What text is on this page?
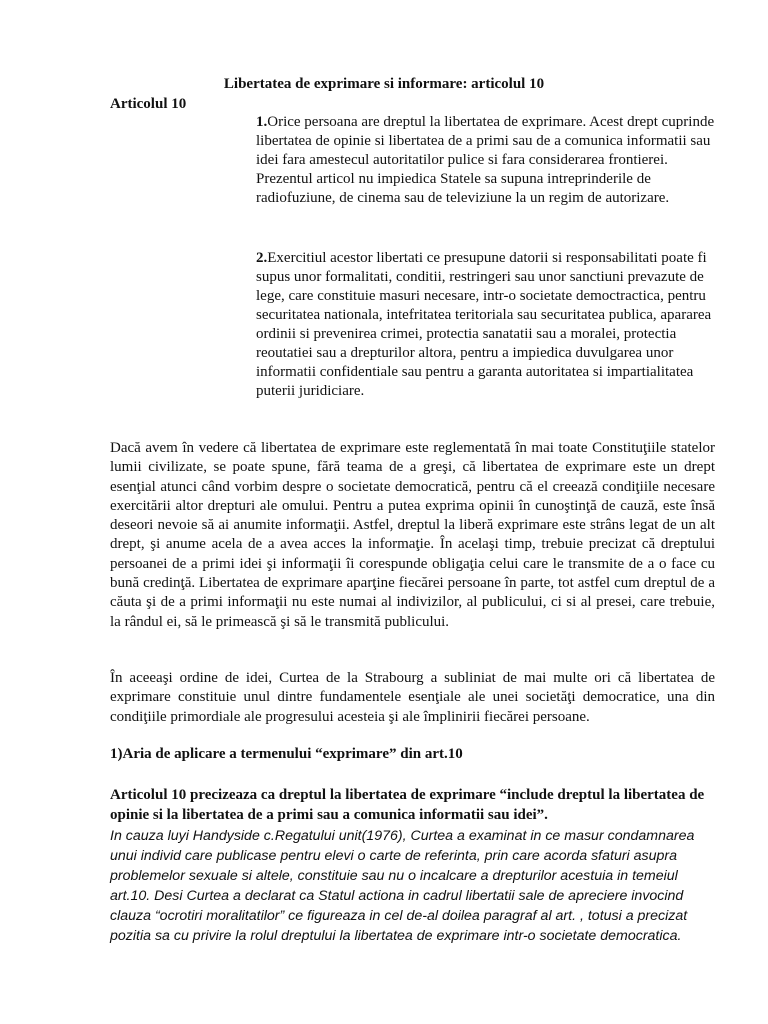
Libertatea de exprimare si informare: articolul 10
Articolul 10

1.Orice persoana are dreptul la libertatea de exprimare. Acest drept cuprinde libertatea de opinie si libertatea de a primi sau de a comunica informatii sau idei fara amestecul autoritatilor pulice si fara considerarea frontierei. Prezentul articol nu impiedica Statele sa supuna intreprinderile de radiofuziune, de cinema sau de televiziune la un regim de autorizare.

2.Exercitiul acestor libertati ce presupune datorii si responsabilitati poate fi supus unor formalitati, conditii, restringeri sau unor sanctiuni prevazute de lege, care constituie masuri necesare, intr-o societate democtractica, pentru securitatea nationala, intefritatea teritoriala sau securitatea publica, apararea ordinii si prevenirea crimei, protectia sanatatii sau a moralei, protectia reoutatiei sau a drepturilor altora, pentru a impiedica duvulgarea unor informatii confidentiale sau pentru a garanta autoritatea si impartialitatea puterii juridiciare.

Dacă avem în vedere că libertatea de exprimare este reglementată în mai toate Constituţiile statelor lumii civilizate, se poate spune, fără teama de a greşi, că libertatea de exprimare este un drept esenţial atunci când vorbim despre o societate democratică, pentru că el creează condiţiile necesare exercitării altor drepturi ale omului. Pentru a putea exprima opinii în cunoştinţă de cauză, este însă deseori nevoie să ai anumite informaţii. Astfel, dreptul la liberă exprimare este strâns legat de un alt drept, şi anume acela de a avea acces la informaţie. În acelaşi timp, trebuie precizat că dreptului persoanei de a primi idei şi informaţii îi corespunde obligaţia celui care le transmite de a o face cu bună credinţă. Libertatea de exprimare aparţine fiecărei persoane în parte, tot astfel cum dreptul de a căuta şi de a primi informaţii nu este numai al indivizilor, al publicului, ci si al presei, care trebuie, la rândul ei, să le primească şi să le transmită publicului.

În aceeaşi ordine de idei, Curtea de la Strabourg a subliniat de mai multe ori că libertatea de exprimare constituie unul dintre fundamentele esenţiale ale unei societăţi democratice, una din condiţiile primordiale ale progresului acesteia şi ale împlinirii fiecărei persoane.

1)Aria de aplicare a termenului “exprimare” din art.10

Articolul 10 precizeaza ca dreptul la libertatea de exprimare “include dreptul la libertatea de opinie si la libertatea de a primi sau a comunica informatii sau idei”.

In cauza luyi Handyside c.Regatului unit(1976), Curtea a examinat in ce masur condamnarea unui individ care publicase pentru elevi o carte de referinta, prin care acorda sfaturi asupra problemelor sexuale si altele, constituie sau nu o incalcare a drepturilor acestuia in temeiul art.10. Desi Curtea a declarat ca Statul actiona in cadrul libertatii sale de apreciere invocind clauza “ocrotiri moralitatilor” ce figureaza in cel de-al doilea paragraf al art. , totusi a precizat pozitia sa cu privire la rolul dreptului la libertatea de exprimare intr-o societate democratica.
